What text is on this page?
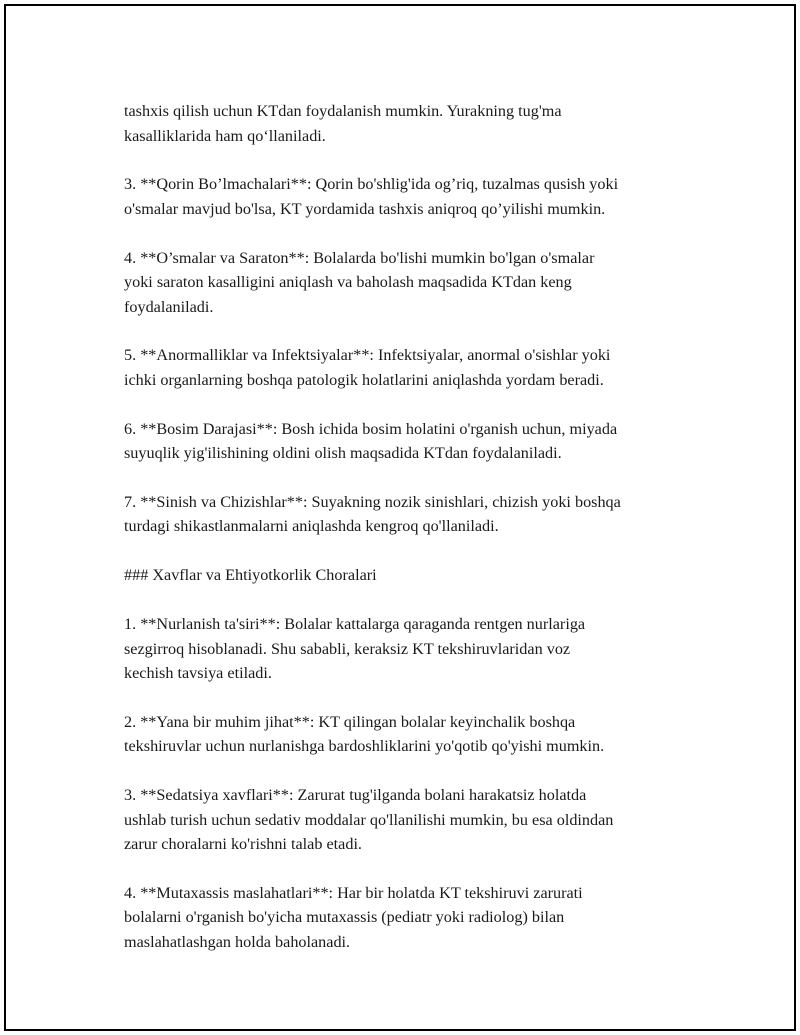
tashxis qilish uchun KTdan foydalanish mumkin. Yurakning tug'ma
kasalliklarida ham qo‘llaniladi.

3. **Qorin Bo’lmachalari**: Qorin bo'shlig'ida og’riq, tuzalmas qusish yoki
o'smalar mavjud bo'lsa, KT yordamida tashxis aniqroq qo’yilishi mumkin.

4. **O’smalar va Saraton**: Bolalarda bo'lishi mumkin bo'lgan o'smalar
yoki saraton kasalligini aniqlash va baholash maqsadida KTdan keng
foydalaniladi.

5. **Anormalliklar va Infektsiyalar**: Infektsiyalar, anormal o'sishlar yoki
ichki organlarning boshqa patologik holatlarini aniqlashda yordam beradi.

6. **Bosim Darajasi**: Bosh ichida bosim holatini o'rganish uchun, miyada
suyuqlik yig'ilishining oldini olish maqsadida KTdan foydalaniladi.

7. **Sinish va Chizishlar**: Suyakning nozik sinishlari, chizish yoki boshqa
turdagi shikastlanmalarni aniqlashda kengroq qo'llaniladi.

### Xavflar va Ehtiyotkorlik Choralari

1. **Nurlanish ta'siri**: Bolalar kattalarga qaraganda rentgen nurlariga
sezgirroq hisoblanadi. Shu sababli, keraksiz KT tekshiruvlaridan voz
kechish tavsiya etiladi.

2. **Yana bir muhim jihat**: KT qilingan bolalar keyinchalik boshqa
tekshiruvlar uchun nurlanishga bardoshliklarini yo'qotib qo'yishi mumkin.

3. **Sedatsiya xavflari**: Zarurat tug'ilganda bolani harakatsiz holatda
ushlab turish uchun sedativ moddalar qo'llanilishi mumkin, bu esa oldindan
zarur choralarni ko'rishni talab etadi.

4. **Mutaxassis maslahatlari**: Har bir holatda KT tekshiruvi zarurati
bolalarni o'rganish bo'yicha mutaxassis (pediatr yoki radiolog) bilan
maslahatlashgan holda baholanadi.
